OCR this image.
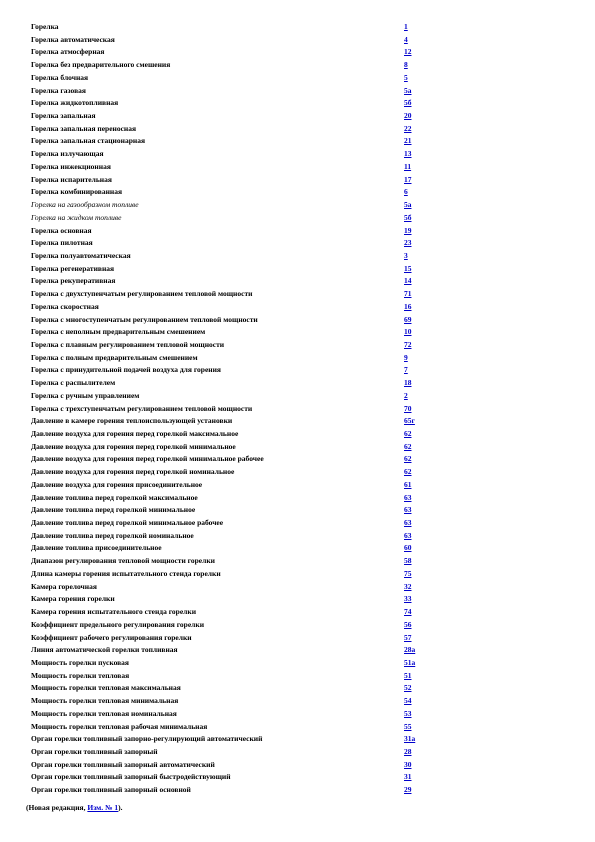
Горелка	1
Горелка автоматическая	4
Горелка атмосферная	12
Горелка без предварительного смешения	8
Горелка блочная	5
Горелка газовая	5а
Горелка жидкотопливная	5б
Горелка запальная	20
Горелка запальная переносная	22
Горелка запальная стационарная	21
Горелка излучающая	13
Горелка инжекционная	11
Горелка испарительная	17
Горелка комбинированная	6
Горелка на газообразном топливе	5а
Горелка на жидком топливе	5б
Горелка основная	19
Горелка пилотная	23
Горелка полуавтоматическая	3
Горелка регенеративная	15
Горелка рекуперативная	14
Горелка с двухступенчатым регулированием тепловой мощности	71
Горелка скоростная	16
Горелка с многоступенчатым регулированием тепловой мощности	69
Горелка с неполным предварительным смешением	10
Горелка с плавным регулированием тепловой мощности	72
Горелка с полным предварительным смешением	9
Горелка с принудительной подачей воздуха для горения	7
Горелка с распылителем	18
Горелка с ручным управлением	2
Горелка с трехступенчатым регулированием тепловой мощности	70
Давление в камере горения теплоиспользующей установки	65г
Давление воздуха для горения перед горелкой максимальное	62
Давление воздуха для горения перед горелкой минимальное	62
Давление воздуха для горения перед горелкой минимальное рабочее	62
Давление воздуха для горения перед горелкой номинальное	62
Давление воздуха для горения присоединительное	61
Давление топлива перед горелкой максимальное	63
Давление топлива перед горелкой минимальное	63
Давление топлива перед горелкой минимальное рабочее	63
Давление топлива перед горелкой номинальное	63
Давление топлива присоединительное	60
Диапазон регулирования тепловой мощности горелки	58
Длина камеры горения испытательного стенда горелки	75
Камера горелочная	32
Камера горения горелки	33
Камера горения испытательного стенда горелки	74
Коэффициент предельного регулирования горелки	56
Коэффициент рабочего регулирования горелки	57
Линия автоматической горелки топливная	28а
Мощность горелки пусковая	51а
Мощность горелки тепловая	51
Мощность горелки тепловая максимальная	52
Мощность горелки тепловая минимальная	54
Мощность горелки тепловая номинальная	53
Мощность горелки тепловая рабочая минимальная	55
Орган горелки топливный запорно-регулирующий автоматический	31а
Орган горелки топливный запорный	28
Орган горелки топливный запорный автоматический	30
Орган горелки топливный запорный быстродействующий	31
Орган горелки топливный запорный основной	29
(Новая редакция, Изм. № 1).
